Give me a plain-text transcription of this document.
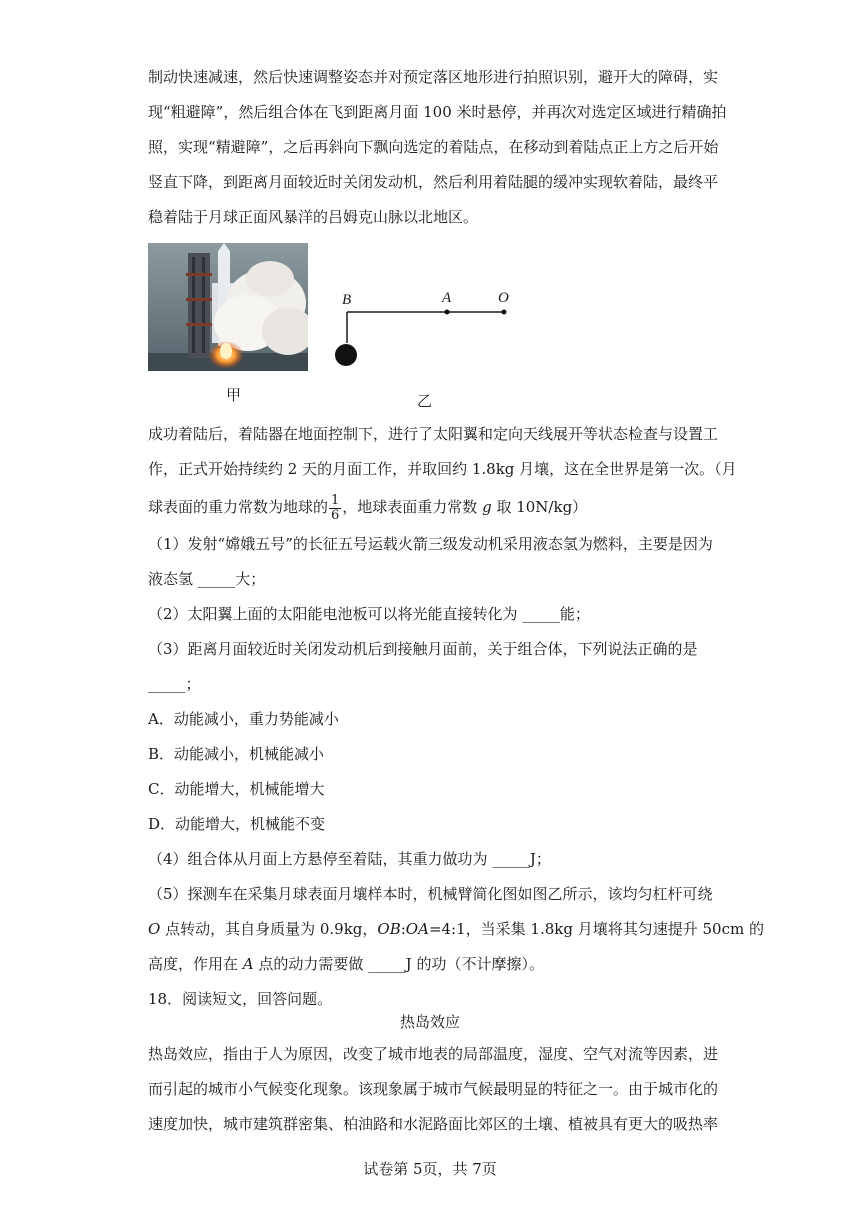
制动快速减速，然后快速调整姿态并对预定落区地形进行拍照识别，避开大的障碍，实
现“粗避障”，然后组合体在飞到距离月面 100 米时悬停，并再次对选定区域进行精确拍
照，实现“精避障”，之后再斜向下飘向选定的着陆点，在移动到着陆点正上方之后开始
竖直下降，到距离月面较近时关闭发动机，然后利用着陆腿的缓冲实现软着陆，最终平
稳着陆于月球正面风暴洋的吕姆克山脉以北地区。
甲
B	A	O
乙
成功着陆后，着陆器在地面控制下，进行了太阳翼和定向天线展开等状态检查与设置工
作，正式开始持续约 2 天的月面工作，并取回约 1.8kg 月壤，这在全世界是第一次。（月
球表面的重力常数为地球的 $\frac{1}{6}$ ，地球表面重力常数 g 取 10N/kg）
（1）发射“嫦娥五号”的长征五号运载火箭三级发动机采用液态氢为燃料，主要是因为
液态氢 _____大；
（2）太阳翼上面的太阳能电池板可以将光能直接转化为 _____能；
（3）距离月面较近时关闭发动机后到接触月面前，关于组合体，下列说法正确的是
_____；
A．动能减小，重力势能减小
B．动能减小，机械能减小
C．动能增大，机械能增大
D．动能增大，机械能不变
（4）组合体从月面上方悬停至着陆，其重力做功为 _____J；
（5）探测车在采集月球表面月壤样本时，机械臂简化图如图乙所示，该均匀杠杆可绕
O 点转动，其自身质量为 0.9kg，OB:OA=4:1，当采集 1.8kg 月壤将其匀速提升 50cm 的
高度，作用在 A 点的动力需要做 _____J 的功（不计摩擦）。
18．阅读短文，回答问题。
热岛效应
热岛效应，指由于人为原因，改变了城市地表的局部温度，湿度、空气对流等因素，进
而引起的城市小气候变化现象。该现象属于城市气候最明显的特征之一。由于城市化的
速度加快，城市建筑群密集、柏油路和水泥路面比郊区的土壤、植被具有更大的吸热率
试卷第 5页，共 7页
